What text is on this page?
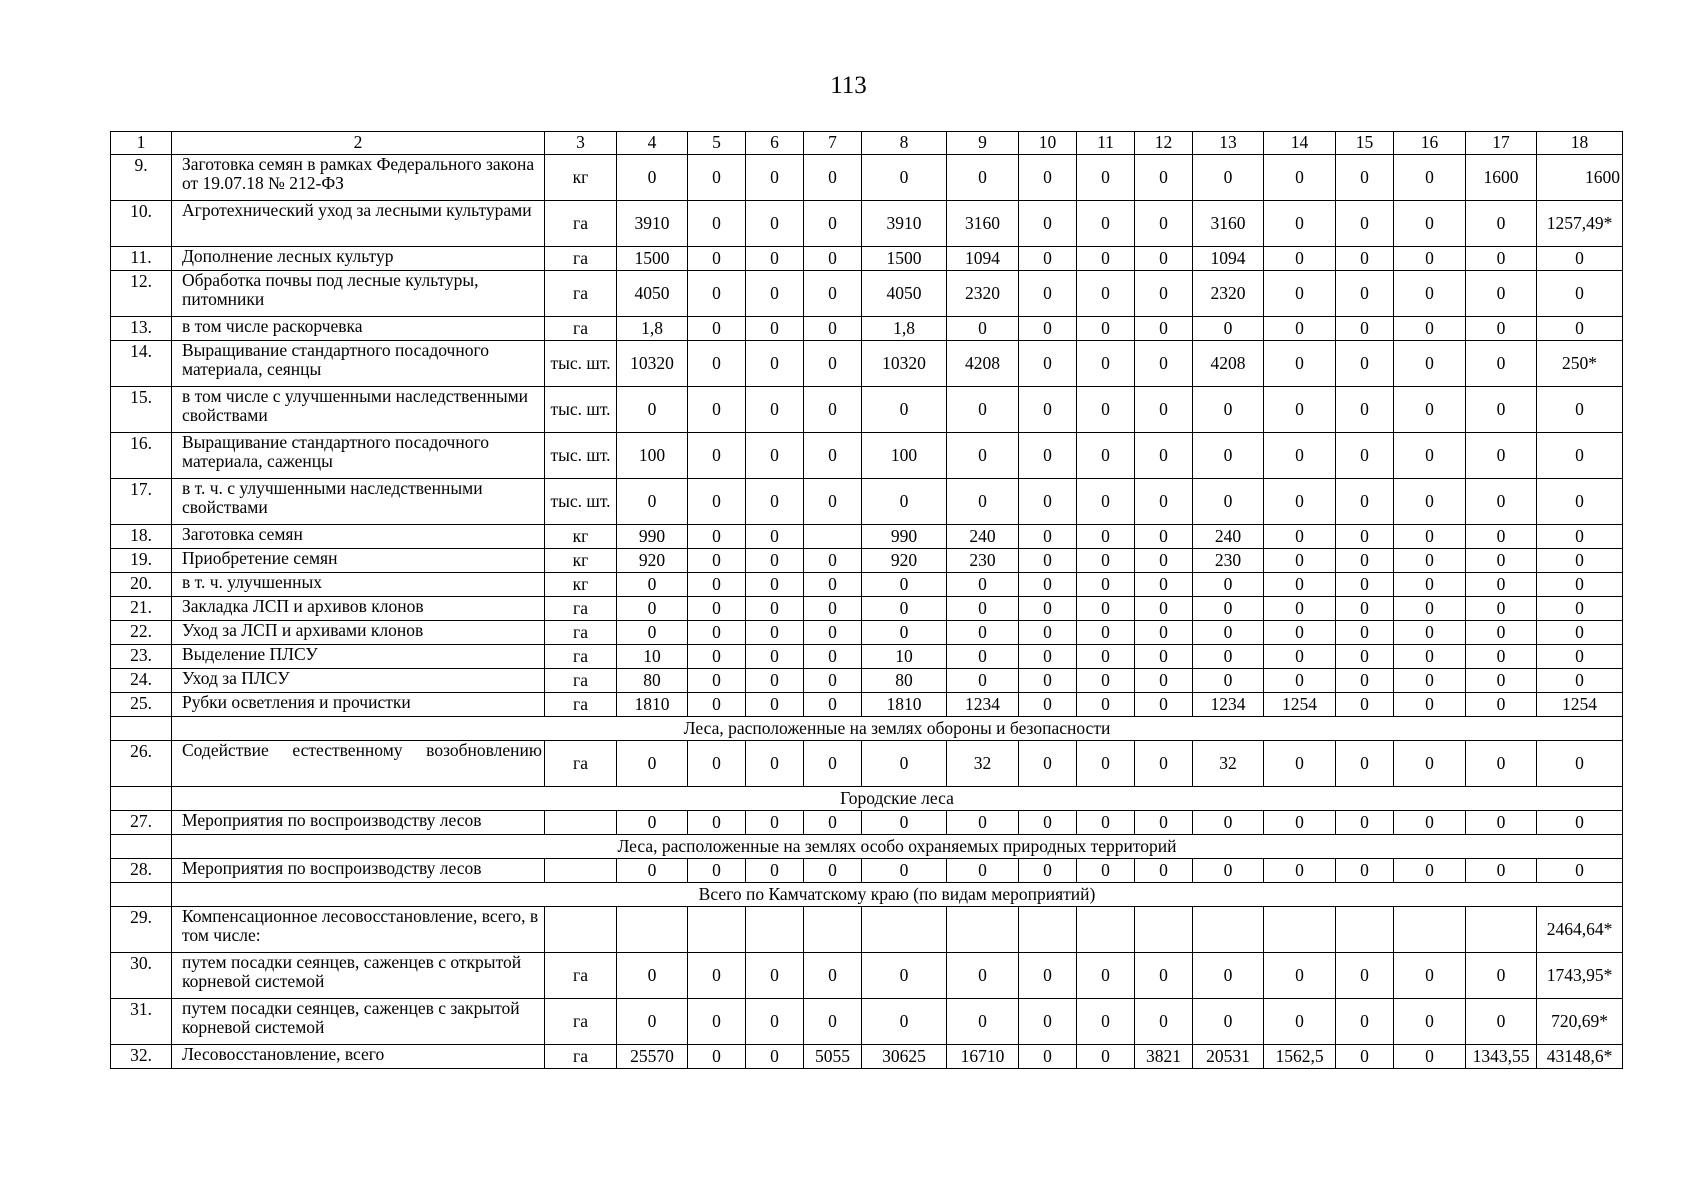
113
1	2	3	4	5	6	7	8	9	10	11	12	13	14	15	16	17	18
9.	Заготовка семян в рамках Федерального закона от 19.07.18 № 212-ФЗ	кг	0	0	0	0	0	0	0	0	0	0	0	0	0	1600	1600
10.	Агротехнический уход за лесными культурами	га	3910	0	0	0	3910	3160	0	0	0	3160	0	0	0	0	1257,49*
11.	Дополнение лесных культур	га	1500	0	0	0	1500	1094	0	0	0	1094	0	0	0	0	0
12.	Обработка почвы под лесные культуры, питомники	га	4050	0	0	0	4050	2320	0	0	0	2320	0	0	0	0	0
13.	в том числе раскорчевка	га	1,8	0	0	0	1,8	0	0	0	0	0	0	0	0	0	0
14.	Выращивание стандартного посадочного материала, сеянцы	тыс. шт.	10320	0	0	0	10320	4208	0	0	0	4208	0	0	0	0	250*
15.	в том числе с улучшенными наследственными свойствами	тыс. шт.	0	0	0	0	0	0	0	0	0	0	0	0	0	0	0
16.	Выращивание стандартного посадочного материала, саженцы	тыс. шт.	100	0	0	0	100	0	0	0	0	0	0	0	0	0	0
17.	в т. ч. с улучшенными наследственными свойствами	тыс. шт.	0	0	0	0	0	0	0	0	0	0	0	0	0	0	0
18.	Заготовка семян	кг	990	0	0		990	240	0	0	0	240	0	0	0	0	0
19.	Приобретение семян	кг	920	0	0	0	920	230	0	0	0	230	0	0	0	0	0
20.	в т. ч. улучшенных	кг	0	0	0	0	0	0	0	0	0	0	0	0	0	0	0
21.	Закладка ЛСП и архивов клонов	га	0	0	0	0	0	0	0	0	0	0	0	0	0	0	0
22.	Уход за ЛСП и архивами клонов	га	0	0	0	0	0	0	0	0	0	0	0	0	0	0	0
23.	Выделение ПЛСУ	га	10	0	0	0	10	0	0	0	0	0	0	0	0	0	0
24.	Уход за ПЛСУ	га	80	0	0	0	80	0	0	0	0	0	0	0	0	0	0
25.	Рубки осветления и прочистки	га	1810	0	0	0	1810	1234	0	0	0	1234	1254	0	0	0	1254
	Леса, расположенные на землях обороны и безопасности																
26.	Содействие естественному возобновлению	га	0	0	0	0	0	32	0	0	0	32	0	0	0	0	0
	Городские леса																
27.	Мероприятия по воспроизводству лесов		0	0	0	0	0	0	0	0	0	0	0	0	0	0	0
	Леса, расположенные на землях особо охраняемых природных территорий																
28.	Мероприятия по воспроизводству лесов		0	0	0	0	0	0	0	0	0	0	0	0	0	0	0
	Всего по Камчатскому краю (по видам мероприятий)																
29.	Компенсационное лесовосстановление, всего, в том числе:																2464,64*
30.	путем посадки сеянцев, саженцев с открытой корневой системой	га	0	0	0	0	0	0	0	0	0	0	0	0	0	0	1743,95*
31.	путем посадки сеянцев, саженцев с закрытой корневой системой	га	0	0	0	0	0	0	0	0	0	0	0	0	0	0	720,69*
32.	Лесовосстановление, всего	га	25570	0	0	5055	30625	16710	0	0	3821	20531	1562,5	0	0	1343,55	43148,6*
